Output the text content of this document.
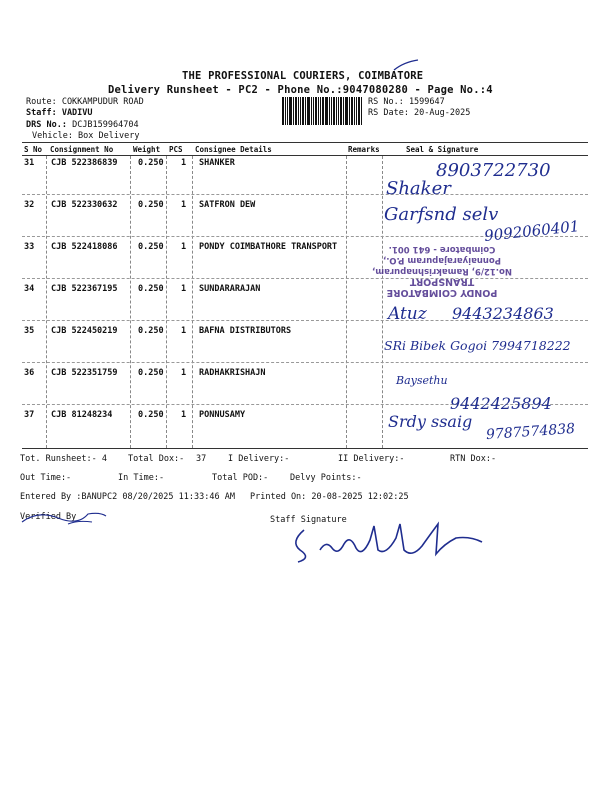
THE PROFESSIONAL COURIERS, COIMBATORE
Delivery Runsheet - PC2 - Phone No.:9047080280 - Page No.:4
Route: COKKAMPUDUR ROAD
Staff: VADIVU
DRS No.: DCJB159964704
Vehicle: Box Delivery
RS No.: 1599647
RS Date: 20-Aug-2025
S No Consignment No	Weight PCS Consignee Details	Remarks	Seal & Signature
31 CJB 522386839 0.250 1 SHANKER
32 CJB 522330632 0.250 1 SATFRON DEW
33 CJB 522418086 0.250 1 PONDY COIMBATHORE TRANSPORT
34 CJB 522367195 0.250 1 SUNDARARAJAN
35 CJB 522450219 0.250 1 BAFNA DISTRIBUTORS
36 CJB 522351759 0.250 1 RADHAKRISHAJN
37 CJB 81248234	0.250 1 PONNUSAMY
8903722730
Shaker
Garfsnd selv
9092060401
Atuz 9443234863
SRi Bibek Gogoi 7994718222
Baysethu
9442425894
Srdy ssaig 9787574838
PONDY COIMBATORE TRANSPORT
No.12/9, Ramakrishnapuram,
Ponnaiyarajapuram P.O.,
Coimbatore - 641 001.
Tot. Runsheet:- 4 Total Dox:- 37	I Delivery:-	II Delivery:-	RTN Dox:-
Out Time:-	In Time:-	Total POD:-	Delvy Points:-
Entered By :BANUPC2 08/20/2025 11:33:46 AM Printed On: 20-08-2025 12:02:25
Verified By	Staff Signature
